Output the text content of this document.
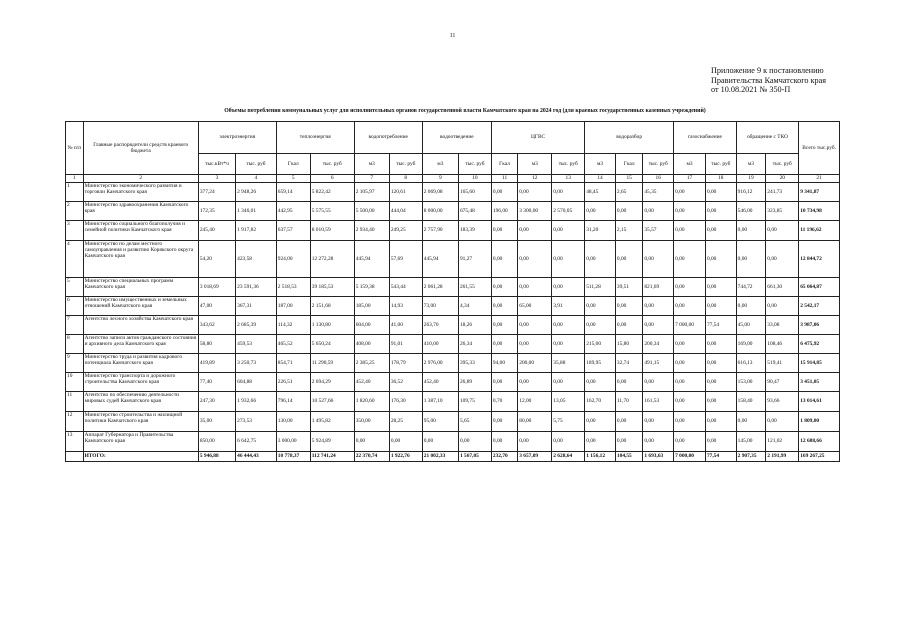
11
Приложение 9 к постановлению
Правительства Камчатского края
от 10.08.2021 № 350-П
Объемы потребления коммунальных услуг для исполнительных органов государственной власти Камчатского края на 2024 год (для краевых государственных казенных учреждений)
№ п/п	Главные распорядители средств краевого бюджета	электроэнергия		теплоэнергия		водопотребление		водоотведение		ЦГВС			водоразбор			газоснабжение		обращение с ТКО		Всего тыс.руб.
		тыс.кВт*ч	тыс. руб	Гкал	тыс. руб	м3	тыс. руб	м3	тыс. руб	Гкал	м3	тыс. руб	м3	Гкал	тыс. руб	м3	тыс. руб	м3	тыс. руб	
1	2	3	4	5	6	7	8	9	10	11	12	13	14	15	16	17	18	19	20	21
1	Министерство экономического развития и торговли Камчатского края	377,24	2 948,26	659,14	5 822,42	2 105,97	120,61	2 069,08	165,60	0,00	0,00	0,00	48,45	2,65	45,35	0,00	0,00	916,12	241,73	9 341,87
2	Министерство здравоохранения Камчатского края	172,35	1 346,01	442,95	5 575,55	5 500,00	444,04	8 000,00	675,48	196,00	3 300,00	2 570,05	0,00	0,00	0,00	0,00	0,00	546,00	323,85	10 734,98
3	Министерство социального благополучия и семейной политики Камчатского края	245,40	1 917,82	637,57	8 010,59	2 934,40	249,25	2 757,90	183,39	0,00	0,00	0,00	31,20	2,15	35,57	0,00	0,00	0,00	0,00	11 196,62
4	Министерство по делам местного самоуправления и развитию Корякского округа Камчатского края	54,20	423,58	924,00	12 272,28	445,94	57,69	445,94	91,27	0,00	0,00	0,00	0,00	0,00	0,00	0,00	0,00	0,00	0,00	12 844,72
5	Министерство специальных программ Камчатского края	3 018,69	23 591,36	2 518,53	39 185,53	5 159,38	543,44	2 061,28	261,55	0,00	0,00	0,00	511,28	39,51	821,69	0,00	0,00	744,72	661,30	65 064,87
6	Министерство имущественных и земельных отношений Камчатского края	47,00	367,31	187,00	2 151,68	185,00	14,93	73,00	4,34	0,00	65,00	3,91	0,00	0,00	0,00	0,00	0,00	0,00	0,00	2 542,17
7	Агентство лесного хозяйства Камчатского края	343,62	2 685,39	114,32	1 130,80	604,00	41,00	263,70	18,26	0,00	0,00	0,00	0,00	0,00	0,00	7 000,00	77,54	45,00	33,08	3 987,06
8	Агентство записи актов гражданского состояния и архивного дела Камчатского края	58,80	459,53	465,52	5 650,24	408,00	91,01	410,00	26,34	0,00	0,00	0,00	215,00	15,80	200,34	0,00	0,00	169,00	108,46	6 475,92
9	Министерство труда и развития кадрового потенциала Камчатского края	419,89	3 250,73	854,71	11 290,59	2 385,25	178,79	2 976,00	395,33	94,00	200,00	35,88	189,95	32,74	491,15	0,00	0,00	616,13	519,41	15 914,85
10	Министерство транспорта и дорожного строительства Камчатского края	77,40	604,88	226,51	2 694,29	452,40	36,52	452,40	26,89	0,00	0,00	0,00	0,00	0,00	0,00	0,00	0,00	153,00	90,47	3 451,05
11	Агентство по обеспечению деятельности мировых судей Камчатского края	247,30	1 932,66	796,14	10 527,66	1 820,60	176,30	1 387,10	109,75	0,70	12,00	13,05	162,70	11,70	161,53	0,00	0,00	158,40	93,66	13 014,61
12	Министерство строительства и жилищной политики Камчатского края	35,00	273,53	130,00	1 495,82	350,00	28,25	95,00	5,65	0,00	80,00	5,75	0,00	0,00	0,00	0,00	0,00	0,00	0,00	1 809,00
13	Аппарат Губернатора и Правительства Камчатского края	850,00	6 642,75	3 000,00	5 924,89	0,00	0,00	0,00	0,00	0,00	0,00	0,00	0,00	0,00	0,00	0,00	0,00	145,00	121,02	12 688,66
	ИТОГО:	5 946,88	46 444,43	10 778,37	112 741,24	22 370,74	1 922,76	21 002,33	1 567,05	232,70	3 657,09	2 628,64	1 156,12	104,55	1 693,63	7 000,00	77,54	2 907,35	2 191,99	169 267,25
